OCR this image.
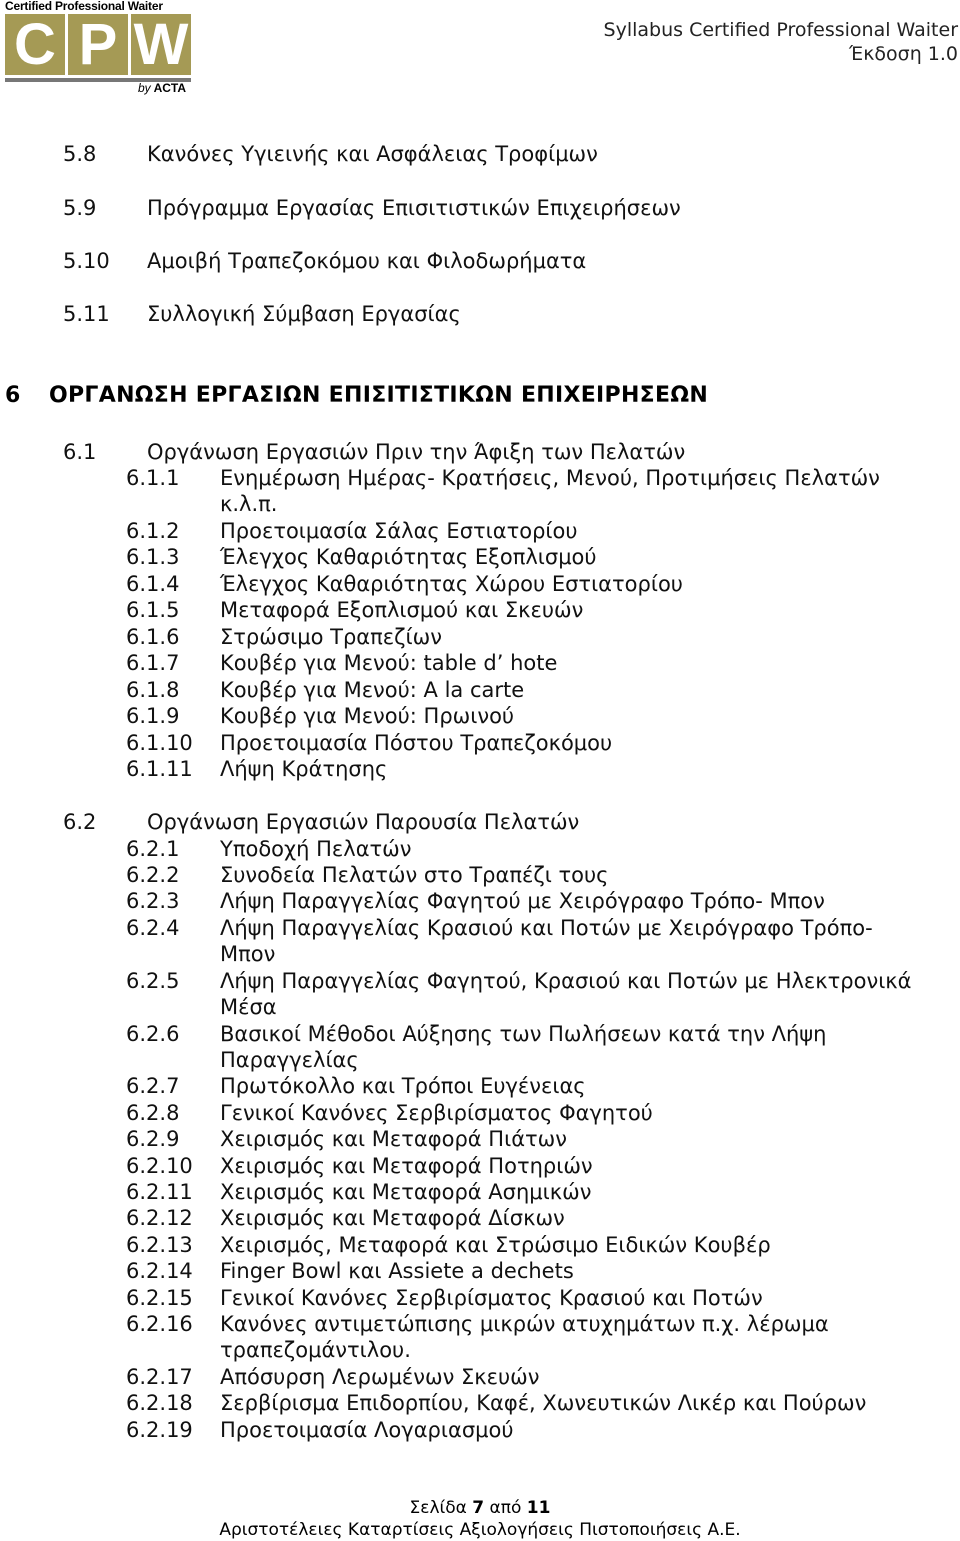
Certified Professional Waiter
C P W
by ACTA
Syllabus Certified Professional Waiter
Έκδοση 1.0
5.8 Κανόνες Υγιεινής και Ασφάλειας Τροφίμων
5.9 Πρόγραμμα Εργασίας Επισιτιστικών Επιχειρήσεων
5.10 Αμοιβή Τραπεζοκόμου και Φιλοδωρήματα
5.11 Συλλογική Σύμβαση Εργασίας
6 ΟΡΓΑΝΩΣΗ ΕΡΓΑΣΙΩΝ ΕΠΙΣΙΤΙΣΤΙΚΩΝ ΕΠΙΧΕΙΡΗΣΕΩΝ
6.1 Οργάνωση Εργασιών Πριν την Άφιξη των Πελατών
6.1.1 Ενημέρωση Ημέρας- Κρατήσεις, Μενού, Προτιμήσεις Πελατών
κ.λ.π.
6.1.2 Προετοιμασία Σάλας Εστιατορίου
6.1.3 Έλεγχος Καθαριότητας Εξοπλισμού
6.1.4 Έλεγχος Καθαριότητας Χώρου Εστιατορίου
6.1.5 Μεταφορά Εξοπλισμού και Σκευών
6.1.6 Στρώσιμο Τραπεζίων
6.1.7 Κουβέρ για Μενού: table d’ hote
6.1.8 Κουβέρ για Μενού: A la carte
6.1.9 Κουβέρ για Μενού: Πρωινού
6.1.10 Προετοιμασία Πόστου Τραπεζοκόμου
6.1.11 Λήψη Κράτησης
6.2 Οργάνωση Εργασιών Παρουσία Πελατών
6.2.1 Υποδοχή Πελατών
6.2.2 Συνοδεία Πελατών στο Τραπέζι τους
6.2.3 Λήψη Παραγγελίας Φαγητού με Χειρόγραφο Τρόπο- Μπον
6.2.4 Λήψη Παραγγελίας Κρασιού και Ποτών με Χειρόγραφο Τρόπο-
Μπον
6.2.5 Λήψη Παραγγελίας Φαγητού, Κρασιού και Ποτών με Ηλεκτρονικά
Μέσα
6.2.6 Βασικοί Μέθοδοι Αύξησης των Πωλήσεων κατά την Λήψη
Παραγγελίας
6.2.7 Πρωτόκολλο και Τρόποι Ευγένειας
6.2.8 Γενικοί Κανόνες Σερβιρίσματος Φαγητού
6.2.9 Χειρισμός και Μεταφορά Πιάτων
6.2.10 Χειρισμός και Μεταφορά Ποτηριών
6.2.11 Χειρισμός και Μεταφορά Ασημικών
6.2.12 Χειρισμός και Μεταφορά Δίσκων
6.2.13 Χειρισμός, Μεταφορά και Στρώσιμο Ειδικών Κουβέρ
6.2.14 Finger Bowl και Assiete a dechets
6.2.15 Γενικοί Κανόνες Σερβιρίσματος Κρασιού και Ποτών
6.2.16 Κανόνες αντιμετώπισης μικρών ατυχημάτων π.χ. λέρωμα
τραπεζομάντιλου.
6.2.17 Απόσυρση Λερωμένων Σκευών
6.2.18 Σερβίρισμα Επιδορπίου, Καφέ, Χωνευτικών Λικέρ και Πούρων
6.2.19 Προετοιμασία Λογαριασμού
Σελίδα 7 από 11
Αριστοτέλειες Καταρτίσεις Αξιολογήσεις Πιστοποιήσεις Α.Ε.
